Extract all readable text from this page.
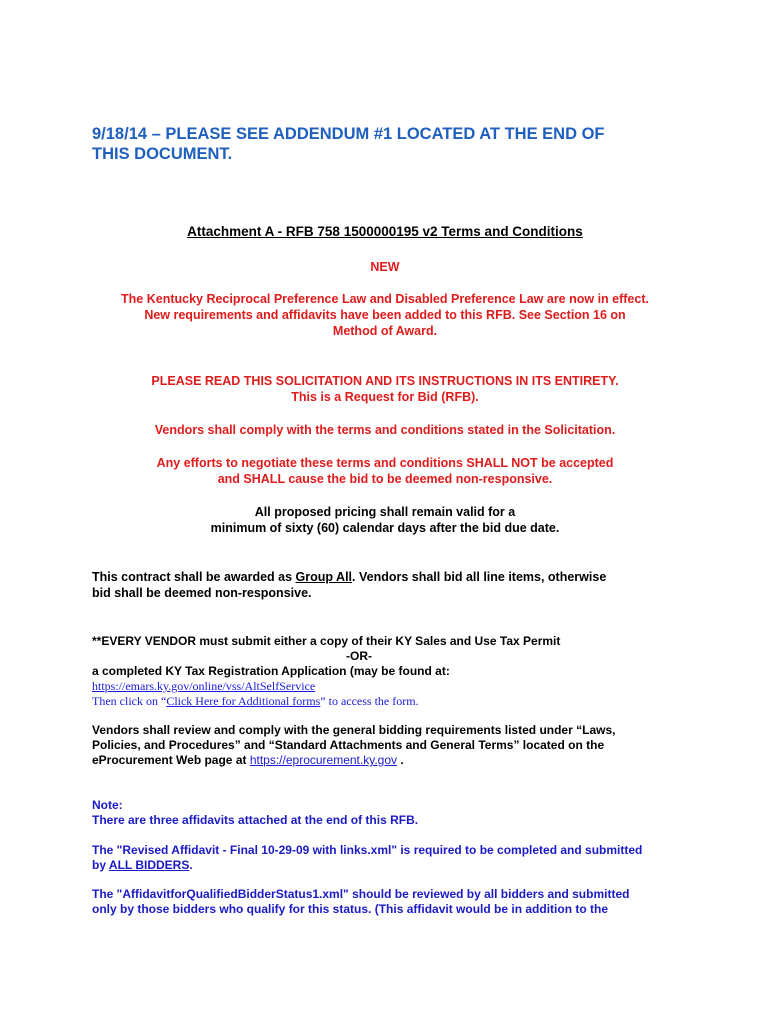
9/18/14 – PLEASE SEE ADDENDUM #1 LOCATED AT THE END OF
THIS DOCUMENT.
Attachment A - RFB 758 1500000195 v2 Terms and Conditions
NEW
The Kentucky Reciprocal Preference Law and Disabled Preference Law are now in effect.
New requirements and affidavits have been added to this RFB. See Section 16 on
Method of Award.
PLEASE READ THIS SOLICITATION AND ITS INSTRUCTIONS IN ITS ENTIRETY.
This is a Request for Bid (RFB).
Vendors shall comply with the terms and conditions stated in the Solicitation.
Any efforts to negotiate these terms and conditions SHALL NOT be accepted
and SHALL cause the bid to be deemed non-responsive.
All proposed pricing shall remain valid for a
minimum of sixty (60) calendar days after the bid due date.
This contract shall be awarded as Group All. Vendors shall bid all line items, otherwise
bid shall be deemed non-responsive.
**EVERY VENDOR must submit either a copy of their KY Sales and Use Tax Permit
-OR-
a completed KY Tax Registration Application (may be found at:
https://emars.ky.gov/online/vss/AltSelfService
Then click on “Click Here for Additional forms” to access the form.
Vendors shall review and comply with the general bidding requirements listed under “Laws,
Policies, and Procedures” and “Standard Attachments and General Terms” located on the
eProcurement Web page at https://eprocurement.ky.gov .
Note:
There are three affidavits attached at the end of this RFB.
The "Revised Affidavit - Final 10-29-09 with links.xml" is required to be completed and submitted
by ALL BIDDERS.
The "AffidavitforQualifiedBidderStatus1.xml" should be reviewed by all bidders and submitted
only by those bidders who qualify for this status. (This affidavit would be in addition to the
